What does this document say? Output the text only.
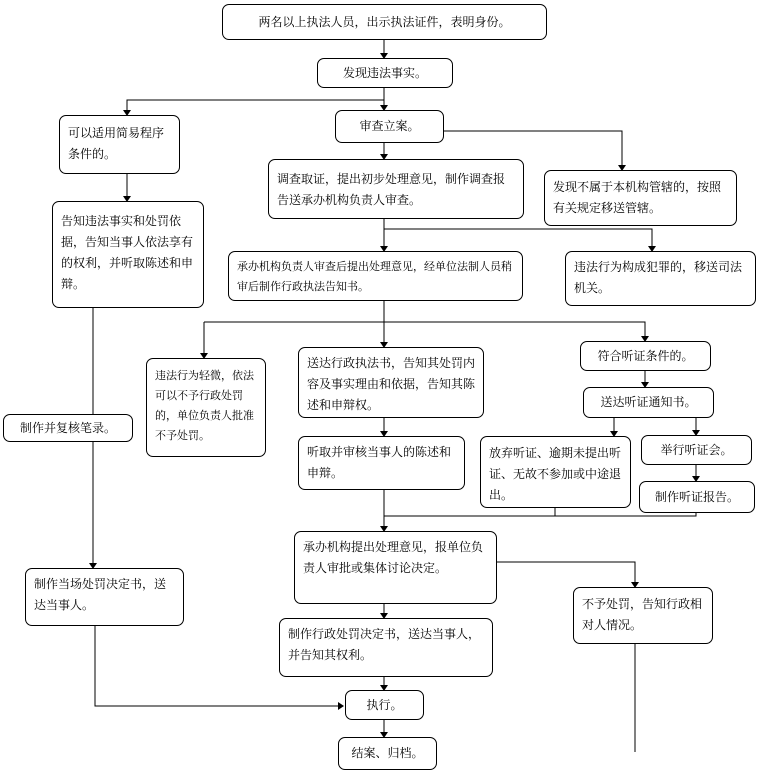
两名以上执法人员，出示执法证件，表明身份。
发现违法事实。
可以适用简易程序条件的。
审查立案。
调查取证，提出初步处理意见，制作调查报告送承办机构负责人审查。
发现不属于本机构管辖的，按照有关规定移送管辖。
告知违法事实和处罚依据，告知当事人依法享有的权利，并听取陈述和申辩。
承办机构负责人审查后提出处理意见，经单位法制人员稍审后制作行政执法告知书。
违法行为构成犯罪的，移送司法机关。
违法行为轻微，依法可以不予行政处罚的，单位负责人批准不予处罚。
送达行政执法书，告知其处罚内容及事实理由和依据，告知其陈述和申辩权。
符合听证条件的。
制作并复核笔录。
送达听证通知书。
听取并审核当事人的陈述和申辩。
放弃听证、逾期未提出听证、无故不参加或中途退出。
举行听证会。
制作听证报告。
承办机构提出处理意见，报单位负责人审批或集体讨论决定。
制作当场处罚决定书，送达当事人。	不予处罚，告知行政相对人情况。
制作行政处罚决定书，送达当事人，并告知其权利。
执行。
结案、归档。
